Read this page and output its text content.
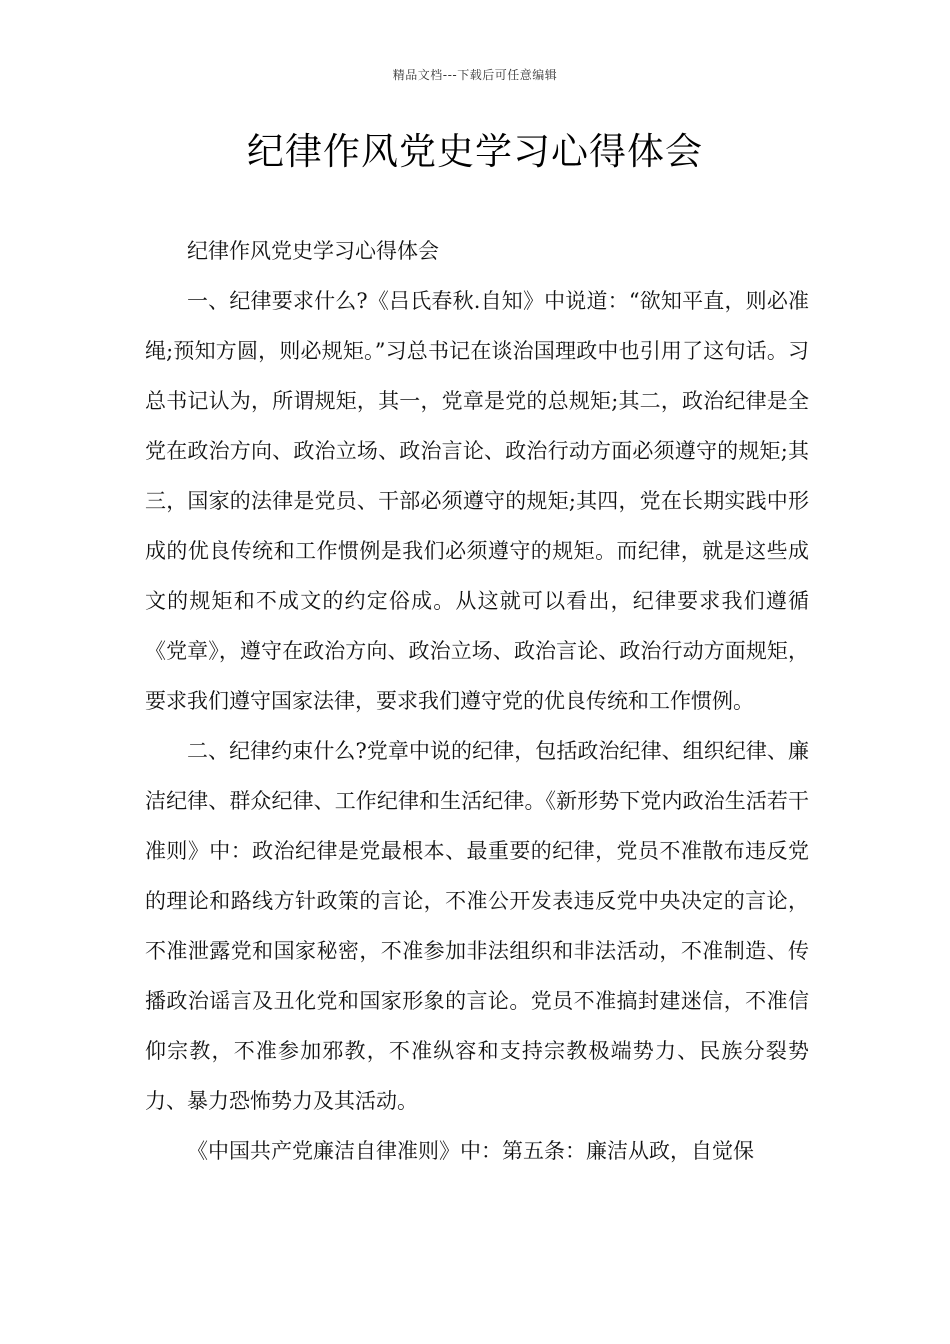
精品文档---下载后可任意编辑
纪律作风党史学习心得体会

纪律作风党史学习心得体会

一、纪律要求什么?《吕氏春秋.自知》中说道：“欲知平直，则必准绳;预知方圆，则必规矩。”习总书记在谈治国理政中也引用了这句话。习总书记认为，所谓规矩，其一，党章是党的总规矩;其二，政治纪律是全党在政治方向、政治立场、政治言论、政治行动方面必须遵守的规矩;其三，国家的法律是党员、干部必须遵守的规矩;其四，党在长期实践中形成的优良传统和工作惯例是我们必须遵守的规矩。而纪律，就是这些成文的规矩和不成文的约定俗成。从这就可以看出，纪律要求我们遵循《党章》，遵守在政治方向、政治立场、政治言论、政治行动方面规矩，要求我们遵守国家法律，要求我们遵守党的优良传统和工作惯例。

二、纪律约束什么?党章中说的纪律，包括政治纪律、组织纪律、廉洁纪律、群众纪律、工作纪律和生活纪律。《新形势下党内政治生活若干准则》中：政治纪律是党最根本、最重要的纪律，党员不准散布违反党的理论和路线方针政策的言论，不准公开发表违反党中央决定的言论，不准泄露党和国家秘密，不准参加非法组织和非法活动，不准制造、传播政治谣言及丑化党和国家形象的言论。党员不准搞封建迷信，不准信仰宗教，不准参加邪教，不准纵容和支持宗教极端势力、民族分裂势力、暴力恐怖势力及其活动。

《中国共产党廉洁自律准则》中：第五条：廉洁从政，自觉保
